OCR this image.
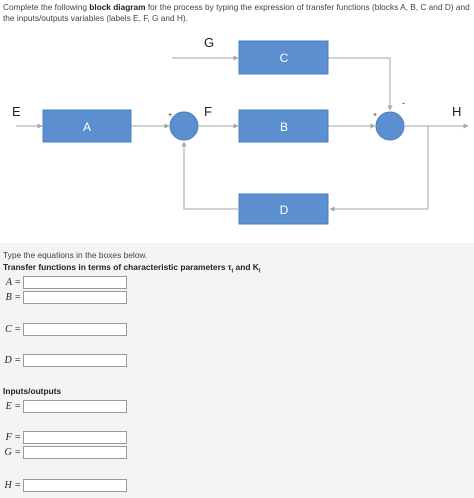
Complete the following block diagram for the process by typing the expression of transfer functions (blocks A, B, C and D) and the inputs/outputs variables (labels E, F, G and H).
A	B
C
D
+	+
-
E	F
G
H
Type the equations in the boxes below.
Transfer functions in terms of characteristic parameters $\tau_i$ and $K_i$
A =
B =
C =
D =
Inputs/outputs
E =
F =
G =
H =
